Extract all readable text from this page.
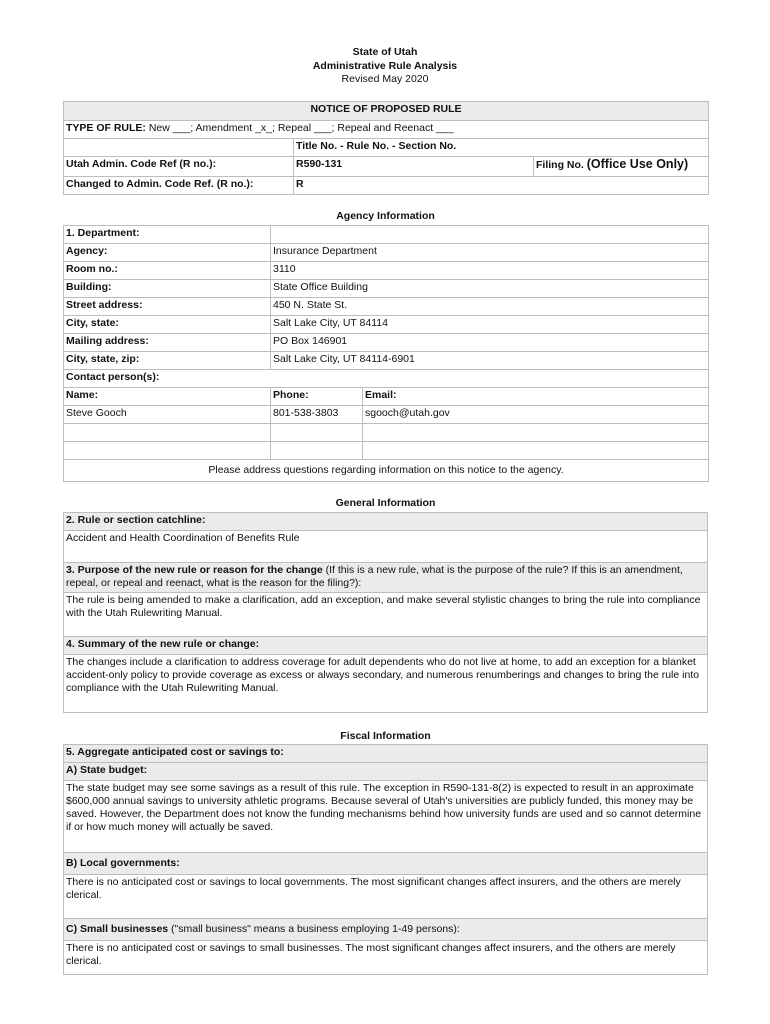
State of Utah
Administrative Rule Analysis
Revised May 2020
NOTICE OF PROPOSED RULE		
TYPE OF RULE: New ___; Amendment _x_; Repeal ___; Repeal and Reenact ___		
	Title No. - Rule No. - Section No.	
Utah Admin. Code Ref (R no.):	R590-131	Filing No. (Office Use Only)
Changed to Admin. Code Ref. (R no.):	R	
Agency Information
1. Department:		
Agency:	Insurance Department	
Room no.:	3110	
Building:	State Office Building	
Street address:	450 N. State St.	
City, state:	Salt Lake City, UT 84114	
Mailing address:	PO Box 146901	
City, state, zip:	Salt Lake City, UT 84114-6901	
Contact person(s):		
Name:	Phone:	Email:
Steve Gooch	801-538-3803	sgooch@utah.gov

Please address questions regarding information on this notice to the agency.		
General Information
2. Rule or section catchline:
Accident and Health Coordination of Benefits Rule
3. Purpose of the new rule or reason for the change (If this is a new rule, what is the purpose of the rule? If this is an amendment, repeal, or repeal and reenact, what is the reason for the filing?):
The rule is being amended to make a clarification, add an exception, and make several stylistic changes to bring the rule into compliance with the Utah Rulewriting Manual.
4. Summary of the new rule or change:
The changes include a clarification to address coverage for adult dependents who do not live at home, to add an exception for a blanket accident-only policy to provide coverage as excess or always secondary, and numerous renumberings and changes to bring the rule into compliance with the Utah Rulewriting Manual.
Fiscal Information
5. Aggregate anticipated cost or savings to:
A) State budget:
The state budget may see some savings as a result of this rule. The exception in R590-131-8(2) is expected to result in an approximate $600,000 annual savings to university athletic programs. Because several of Utah's universities are publicly funded, this money may be saved. However, the Department does not know the funding mechanisms behind how university funds are used and so cannot determine if or how much money will actually be saved.
B) Local governments:
There is no anticipated cost or savings to local governments. The most significant changes affect insurers, and the others are merely clerical.
C) Small businesses ("small business" means a business employing 1-49 persons):
There is no anticipated cost or savings to small businesses. The most significant changes affect insurers, and the others are merely clerical.
